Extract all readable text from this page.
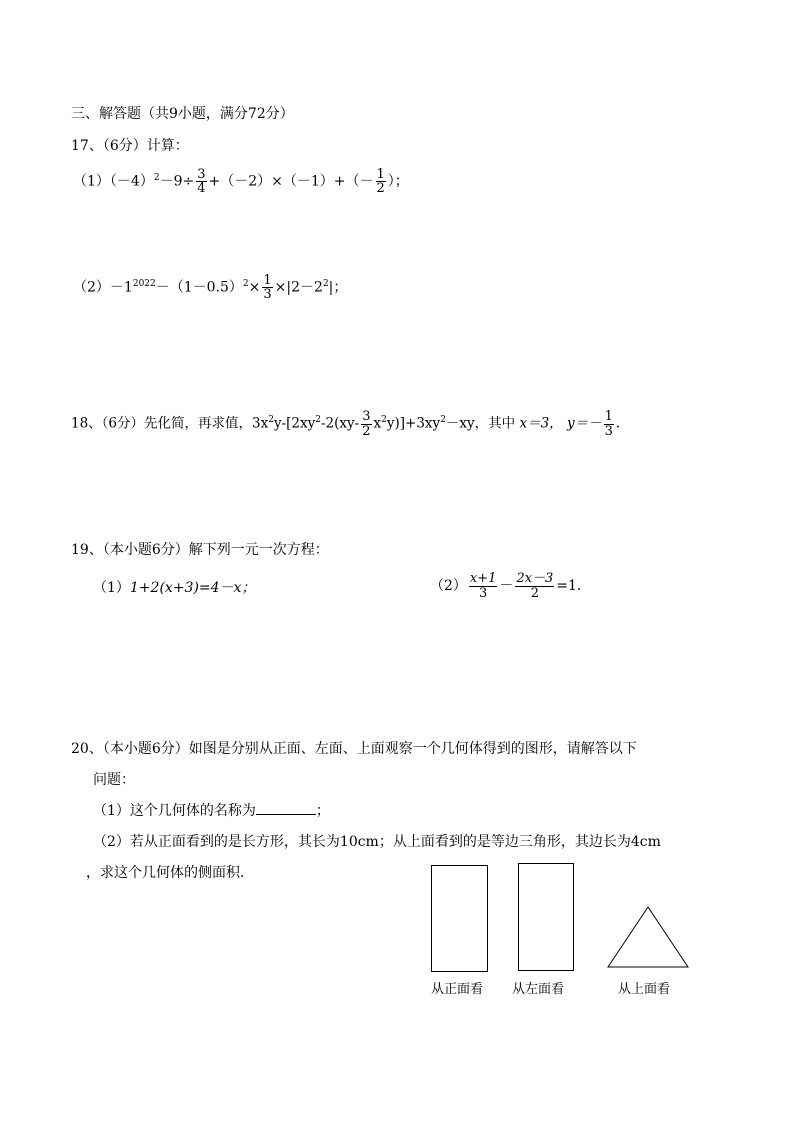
三、解答题（共9小题，满分72分）
17、（6分）计算：
$(1)(-4)^2-9\div \frac{3}{4} +(-2)\times(-1)+(- \frac{1}{2}$ ）；
$(2)-1^{2022}-(1-0.5)^2\times \frac{1}{3} \times|2-2^2|$；
18、（6分）先化简，再求值，$3x^2y-[2xy^2-2(xy- \frac{3}{2} x^2y)]+3xy^2-xy$，其中 x＝3， $y=- \frac{1}{3}$ .
19、（本小题6分）解下列一元一次方程：
（1）1+2(x+3)=4－x；	$(2) \frac{x+1}{3} - \frac{2x-3}{2} =1$．
20、（本小题6分）如图是分别从正面、左面、上面观察一个几何体得到的图形，请解答以下
问题：
（1）这个几何体的名称为	；
（2）若从正面看到的是长方形，其长为10cm；从上面看到的是等边三角形，其边长为4cm
，求这个几何体的侧面积．
从正面看 从左面看	从上面看
